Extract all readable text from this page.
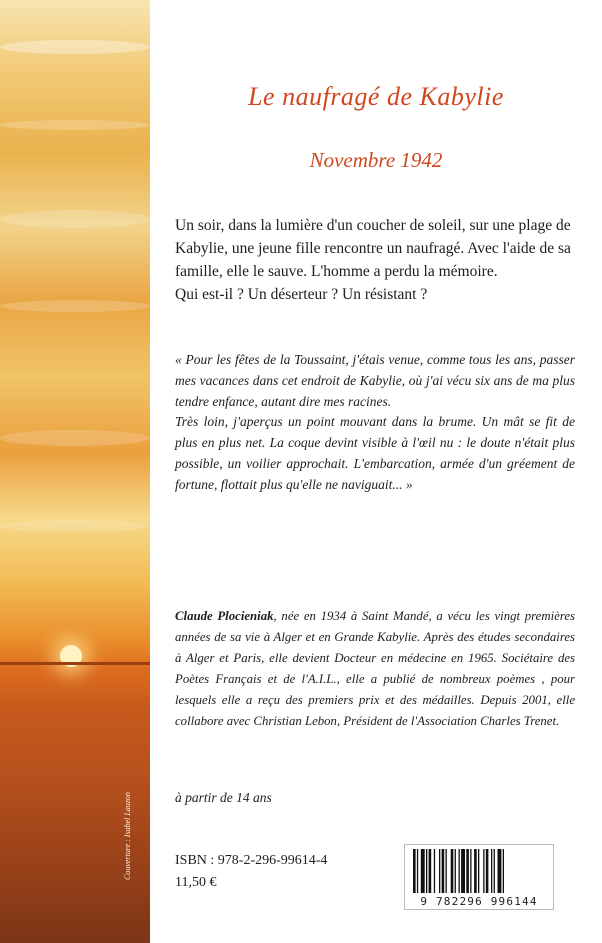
Couverture : Isabel Lauzon
Le naufragé de Kabylie
Novembre 1942

Un soir, dans la lumière d'un coucher de soleil, sur une plage de Kabylie, une jeune fille rencontre un naufragé. Avec l'aide de sa famille, elle le sauve. L'homme a perdu la mémoire.

Qui est-il ? Un déserteur ? Un résistant ?

« Pour les fêtes de la Toussaint, j'étais venue, comme tous les ans, passer mes vacances dans cet endroit de Kabylie, où j'ai vécu six ans de ma plus tendre enfance, autant dire mes racines.

Très loin, j'aperçus un point mouvant dans la brume. Un mât se fit de plus en plus net. La coque devint visible à l'œil nu : le doute n'était plus possible, un voilier approchait. L'embarcation, armée d'un gréement de fortune, flottait plus qu'elle ne naviguait... »

Claude Plocieniak, née en 1934 à Saint Mandé, a vécu les vingt premières années de sa vie à Alger et en Grande Kabylie. Après des études secondaires à Alger et Paris, elle devient Docteur en médecine en 1965. Sociétaire des Poètes Français et de l'A.I.L., elle a publié de nombreux poèmes , pour lesquels elle a reçu des premiers prix et des médailles. Depuis 2001, elle collabore avec Christian Lebon, Président de l'Association Charles Trenet.
à partir de 14 ans
ISBN : 978-2-296-99614-4
11,50 €
9 782296 996144
